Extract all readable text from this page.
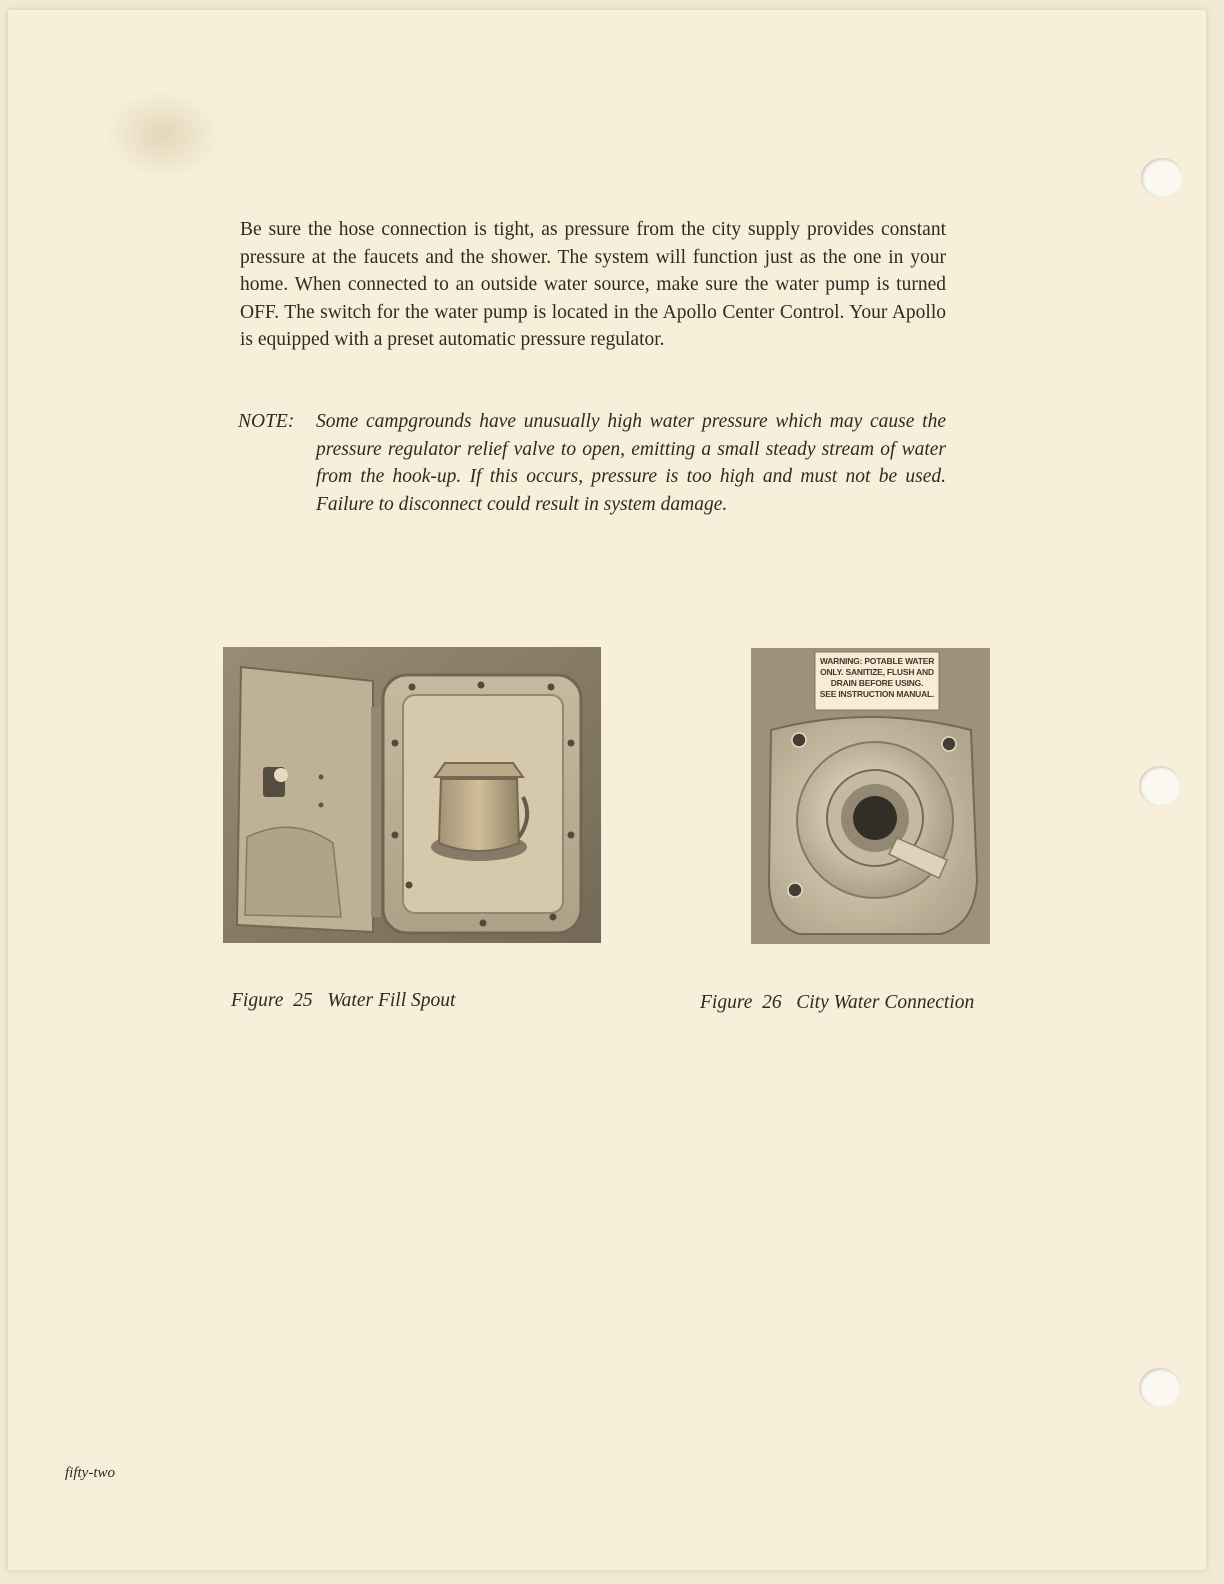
Be sure the hose connection is tight, as pressure from the city supply provides constant pressure at the faucets and the shower. The system will function just as the one in your home. When connected to an outside water source, make sure the water pump is turned OFF. The switch for the water pump is located in the Apollo Center Control. Your Apollo is equipped with a preset automatic pressure regulator.

NOTE: Some campgrounds have unusually high water pressure which may cause the pressure regulator relief valve to open, emitting a small steady stream of water from the hook-up. If this occurs, pressure is too high and must not be used. Failure to disconnect could result in system damage.
WARNING: POTABLE WATER
ONLY. SANITIZE, FLUSH AND
DRAIN BEFORE USING.
SEE INSTRUCTION MANUAL.
Figure  25   Water Fill Spout	Figure  26   City Water Connection
fifty-two
